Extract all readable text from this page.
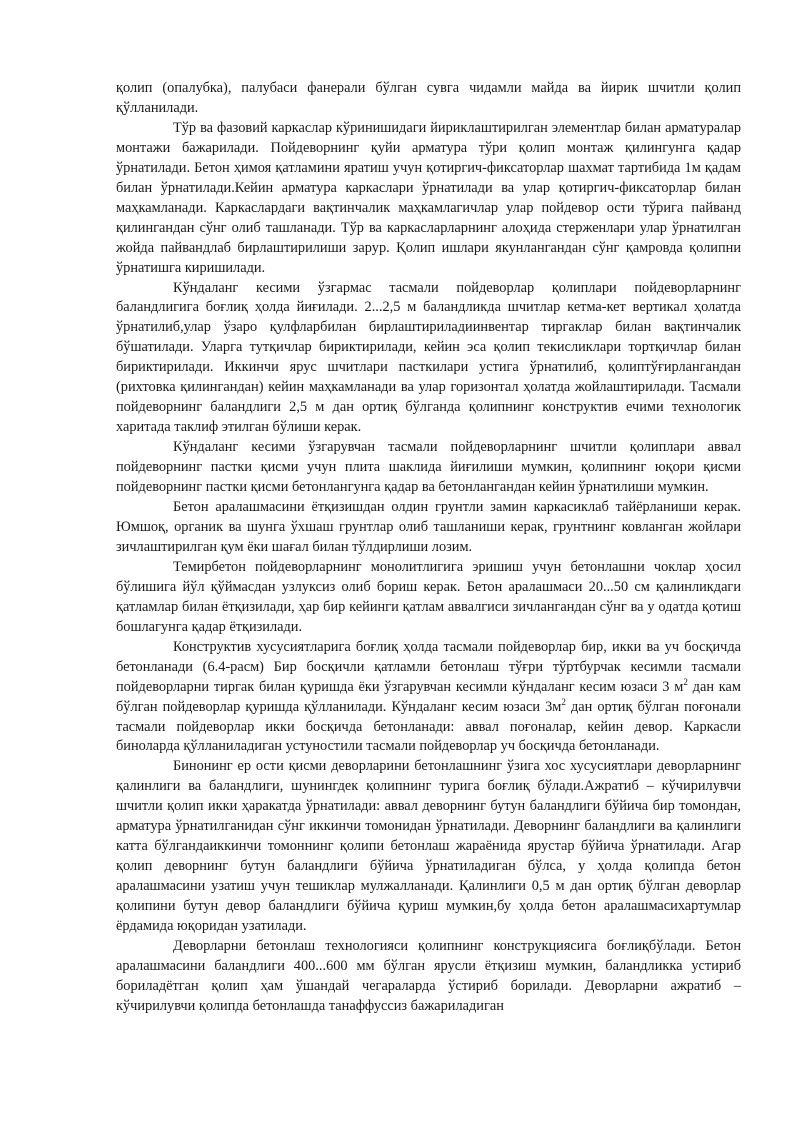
қолип (опалубка), палубаси фанерали бўлган сувга чидамли майда ва йирик шчитли қолип қўлланилади.

Тўр ва фазовий каркаслар кўринишидаги йириклаштирилган элементлар билан арматуралар монтажи бажарилади. Пойдеворнинг қуйи арматура тўри қолип монтаж қилингунга қадар ўрнатилади. Бетон ҳимоя қатламини яратиш учун қотиргич-фиксаторлар шахмат тартибида 1м қадам билан ўрнатилади.Кейин арматура каркаслари ўрнатилади ва улар қотиргич-фиксаторлар билан маҳкамланади. Каркаслардаги вақтинчалик маҳкамлагичлар улар пойдевор ости тўрига пайванд қилингандан сўнг олиб ташланади. Тўр ва каркасларларнинг алоҳида стерженлари улар ўрнатилган жойда пайвандлаб бирлаштирилиши зарур. Қолип ишлари якунлангандан сўнг қамровда қолипни ўрнатишга киришилади.

Кўндаланг кесими ўзгармас тасмали пойдеворлар қолиплари пойдеворларнинг баландлигига боғлиқ ҳолда йиғилади. 2...2,5 м баландликда шчитлар кетма-кет вертикал ҳолатда ўрнатилиб,улар ўзаро қулфларбилан бирлаштириладиинвентар тиргаклар билан вақтинчалик бўшатилади. Уларга тутқичлар бириктирилади, кейин эса қолип текисликлари тортқичлар билан бириктирилади. Иккинчи ярус шчитлари пасткилари устига ўрнатилиб, қолиптўғирлангандан (рихтовка қилингандан) кейин маҳкамланади ва улар горизонтал ҳолатда жойлаштирилади. Тасмали пойдеворнинг баландлиги 2,5 м дан ортиқ бўлганда қолипнинг конструктив ечими технологик харитада таклиф этилган бўлиши керак.

Кўндаланг кесими ўзгарувчан тасмали пойдеворларнинг шчитли қолиплари аввал пойдеворнинг пастки қисми учун плита шаклида йиғилиши мумкин, қолипнинг юқори қисми пойдеворнинг пастки қисми бетонлангунга қадар ва бетонлангандан кейин ўрнатилиши мумкин.

Бетон аралашмасини ётқизишдан олдин грунтли замин каркасиклаб тайёрланиши керак. Юмшоқ, органик ва шунга ўхшаш грунтлар олиб ташланиши керак, грунтнинг ковланган жойлари зичлаштирилган қум ёки шағал билан тўлдирлиши лозим.

Темирбетон пойдеворларнинг монолитлигига эришиш учун бетонлашни чоклар ҳосил бўлишига йўл қўймасдан узлуксиз олиб бориш керак. Бетон аралашмаси 20...50 см қалинликдаги қатламлар билан ётқизилади, ҳар бир кейинги қатлам аввалгиси зичлангандан сўнг ва у одатда қотиш бошлагунга қадар ётқизилади.

Конструктив хусусиятларига боғлиқ ҳолда тасмали пойдеворлар бир, икки ва уч босқичда бетонланади (6.4-расм) Бир босқичли қатламли бетонлаш тўғри тўртбурчак кесимли тасмали пойдеворларни тиргак билан қуришда ёки ўзгарувчан кесимли кўндаланг кесим юзаси 3 $м^2$ дан кам бўлган пойдеворлар қуришда қўлланилади. Кўндаланг кесим юзаси $3м^2$ дан ортиқ бўлган поғонали тасмали пойдеворлар икки босқичда бетонланади: аввал поғоналар, кейин девор. Каркасли биноларда қўлланиладиган устуностили тасмали пойдеворлар уч босқичда бетонланади.

Бинонинг ер ости қисми деворларини бетонлашнинг ўзига хос хусусиятлари деворларнинг қалинлиги ва баландлиги, шунингдек қолипнинг турига боғлиқ бўлади.Ажратиб – кўчирилувчи шчитли қолип икки ҳаракатда ўрнатилади: аввал деворнинг бутун баландлиги бўйича бир томондан, арматура ўрнатилганидан сўнг иккинчи томонидан ўрнатилади. Деворнинг баландлиги ва қалинлиги катта бўлгандаиккинчи томоннинг қолипи бетонлаш жараёнида ярустар бўйича ўрнатилади. Агар қолип деворнинг бутун баландлиги бўйича ўрнатиладиган бўлса, у ҳолда қолипда бетон аралашмасини узатиш учун тешиклар мулжалланади. Қалинлиги 0,5 м дан ортиқ бўлган деворлар қолипини бутун девор баландлиги бўйича қуриш мумкин,бу ҳолда бетон аралашмасихартумлар ёрдамида юқоридан узатилади.

Деворларни бетонлаш технологияси қолипнинг конструкциясига боғлиқбўлади. Бетон аралашмасини баландлиги 400...600 мм бўлган ярусли ётқизиш мумкин, баландликка устириб бориладётган қолип ҳам ўшандай чегараларда ўстириб борилади. Деворларни ажратиб – кўчирилувчи қолипда бетонлашда танаффуссиз бажариладиган
